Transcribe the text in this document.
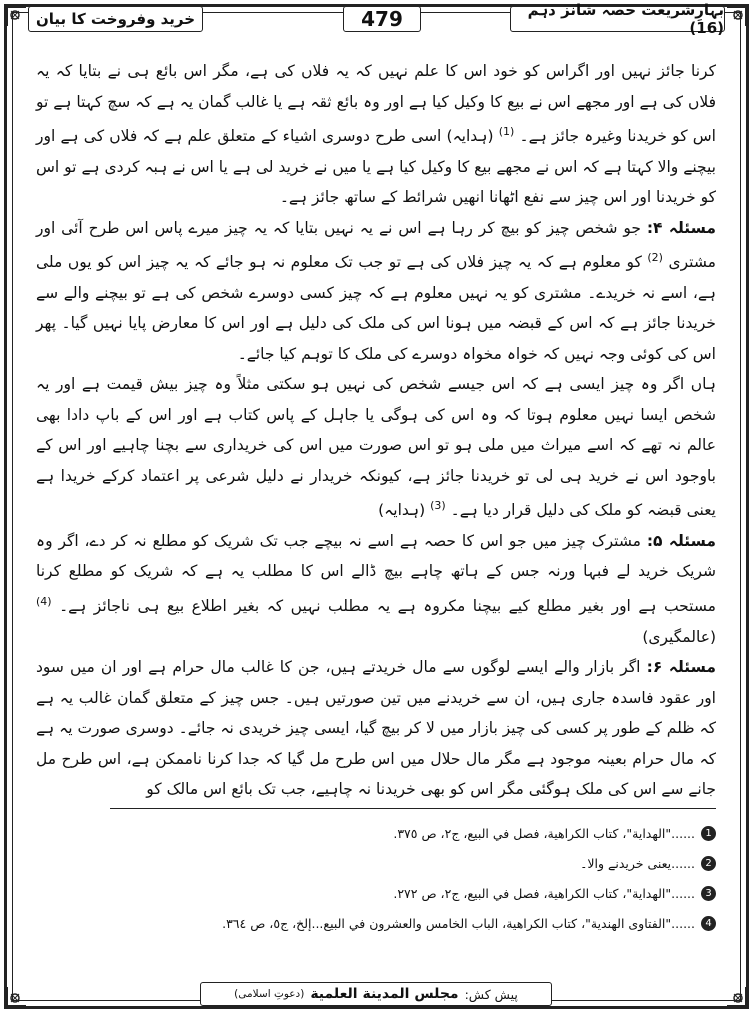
بہارِشریعت حصہ شانز دہم (16)
479
خرید وفروخت کا بیان

کرنا جائز نہیں اور اگراس کو خود اس کا علم نہیں کہ یہ فلاں کی ہے، مگر اس بائع ہی نے بتایا کہ یہ فلاں کی ہے اور مجھے اس نے بیع کا وکیل کیا ہے اور وہ بائع ثقہ ہے یا غالب گمان یہ ہے کہ سچ کہتا ہے تو اس کو خریدنا وغیرہ جائز ہے۔ $^{(1)}$ (ہدایہ) اسی طرح دوسری اشیاء کے متعلق علم ہے کہ فلاں کی ہے اور بیچنے والا کہتا ہے کہ اس نے مجھے بیع کا وکیل کیا ہے یا میں نے خرید لی ہے یا اس نے ہبہ کردی ہے تو اس کو خریدنا اور اس چیز سے نفع اٹھانا انھیں شرائط کے ساتھ جائز ہے۔

مسئلہ ۴: جو شخص چیز کو بیچ کر رہا ہے اس نے یہ نہیں بتایا کہ یہ چیز میرے پاس اس طرح آئی اور مشتری $^{(2)}$ کو معلوم ہے کہ یہ چیز فلاں کی ہے تو جب تک معلوم نہ ہو جائے کہ یہ چیز اس کو یوں ملی ہے، اسے نہ خریدے۔ مشتری کو یہ نہیں معلوم ہے کہ چیز کسی دوسرے شخص کی ہے تو بیچنے والے سے خریدنا جائز ہے کہ اس کے قبضہ میں ہونا اس کی ملک کی دلیل ہے اور اس کا معارض پایا نہیں گیا۔ پھر اس کی کوئی وجہ نہیں کہ خواہ مخواہ دوسرے کی ملک کا توہم کیا جائے۔

ہاں اگر وہ چیز ایسی ہے کہ اس جیسے شخص کی نہیں ہو سکتی مثلاً وہ چیز بیش قیمت ہے اور یہ شخص ایسا نہیں معلوم ہوتا کہ وہ اس کی ہوگی یا جاہل کے پاس کتاب ہے اور اس کے باپ دادا بھی عالم نہ تھے کہ اسے میراث میں ملی ہو تو اس صورت میں اس کی خریداری سے بچنا چاہیے اور اس کے باوجود اس نے خرید ہی لی تو خریدنا جائز ہے، کیونکہ خریدار نے دلیل شرعی پر اعتماد کرکے خریدا ہے یعنی قبضہ کو ملک کی دلیل قرار دیا ہے۔ $^{(3)}$ (ہدایہ)

مسئلہ ۵: مشترک چیز میں جو اس کا حصہ ہے اسے نہ بیچے جب تک شریک کو مطلع نہ کر دے، اگر وہ شریک خرید لے فبہا ورنہ جس کے ہاتھ چاہے بیچ ڈالے اس کا مطلب یہ ہے کہ شریک کو مطلع کرنا مستحب ہے اور بغیر مطلع کیے بیچنا مکروہ ہے یہ مطلب نہیں کہ بغیر اطلاع بیع ہی ناجائز ہے۔ $^{(4)}$ (عالمگیری)

مسئلہ ۶: اگر بازار والے ایسے لوگوں سے مال خریدتے ہیں، جن کا غالب مال حرام ہے اور ان میں سود اور عقود فاسدہ جاری ہیں، ان سے خریدنے میں تین صورتیں ہیں۔ جس چیز کے متعلق گمان غالب یہ ہے کہ ظلم کے طور پر کسی کی چیز بازار میں لا کر بیچ گیا، ایسی چیز خریدی نہ جائے۔ دوسری صورت یہ ہے کہ مال حرام بعینہ موجود ہے مگر مال حلال میں اس طرح مل گیا کہ جدا کرنا ناممکن ہے، اس طرح مل جانے سے اس کی ملک ہوگئی مگر اس کو بھی خریدنا نہ چاہیے، جب تک بائع اس مالک کو

1
......"الهداية"، كتاب الكراهية، فصل في البيع، ج٢، ص ٣٧٥.
2
......یعنی خریدنے والا۔
3
......"الهداية"، كتاب الكراهية، فصل في البيع، ج٢، ص ٢٧٢.
4
......"الفتاوى الهندية"، كتاب الكراهية، الباب الخامس والعشرون في البيع...إلخ، ج٥، ص ٣٦٤.
پیش کش:
مجلس المدينة العلمية
(دعوتِ اسلامی)
